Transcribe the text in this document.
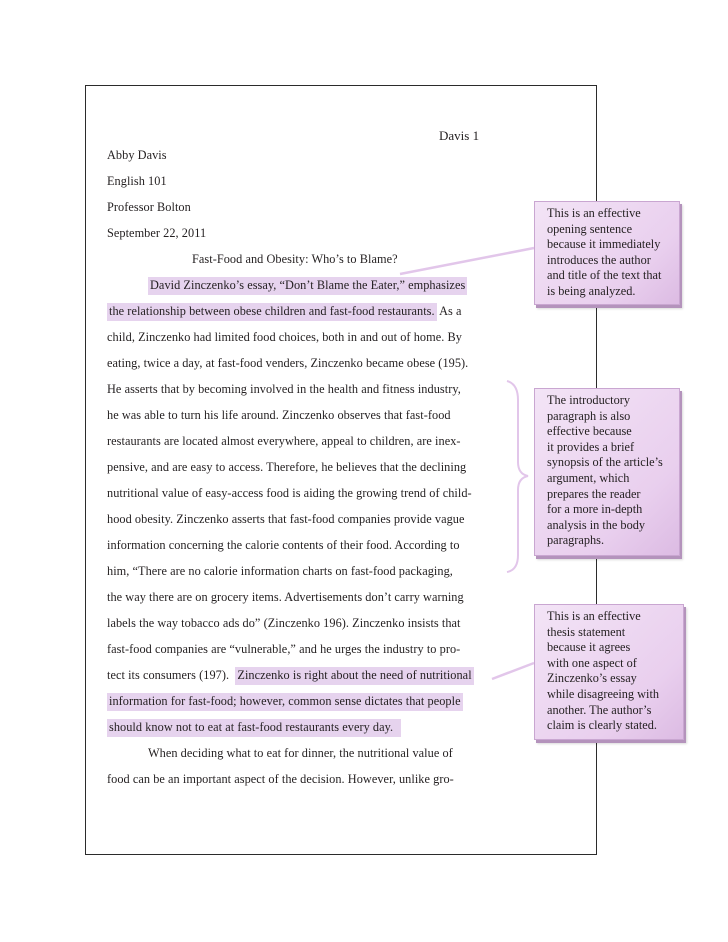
Davis 1
Abby Davis
English 101
Professor Bolton
September 22, 2011
Fast-Food and Obesity: Who’s to Blame?
David Zinczenko’s essay, “Don’t Blame the Eater,” emphasizes
the relationship between obese children and fast-food restaurants. As a
child, Zinczenko had limited food choices, both in and out of home. By
eating, twice a day, at fast-food venders, Zinczenko became obese (195).
He asserts that by becoming involved in the health and fitness industry,
he was able to turn his life around. Zinczenko observes that fast-food
restaurants are located almost everywhere, appeal to children, are inex-
pensive, and are easy to access. Therefore, he believes that the declining
nutritional value of easy-access food is aiding the growing trend of child-
hood obesity. Zinczenko asserts that fast-food companies provide vague
information concerning the calorie contents of their food. According to
him, “There are no calorie information charts on fast-food packaging,
the way there are on grocery items. Advertisements don’t carry warning
labels the way tobacco ads do” (Zinczenko 196). Zinczenko insists that
fast-food companies are “vulnerable,” and he urges the industry to pro-
tect its consumers (197).  Zinczenko is right about the need of nutritional
information for fast-food; however, common sense dictates that people
should know not to eat at fast-food restaurants every day.
When deciding what to eat for dinner, the nutritional value of
food can be an important aspect of the decision. However, unlike gro-
This is an effective
opening sentence
because it immediately
introduces the author
and title of the text that
is being analyzed.
The introductory
paragraph is also
effective because
it provides a brief
synopsis of the article’s
argument, which
prepares the reader
for a more in-depth
analysis in the body
paragraphs.
This is an effective
thesis statement
because it agrees
with one aspect of
Zinczenko’s essay
while disagreeing with
another. The author’s
claim is clearly stated.
